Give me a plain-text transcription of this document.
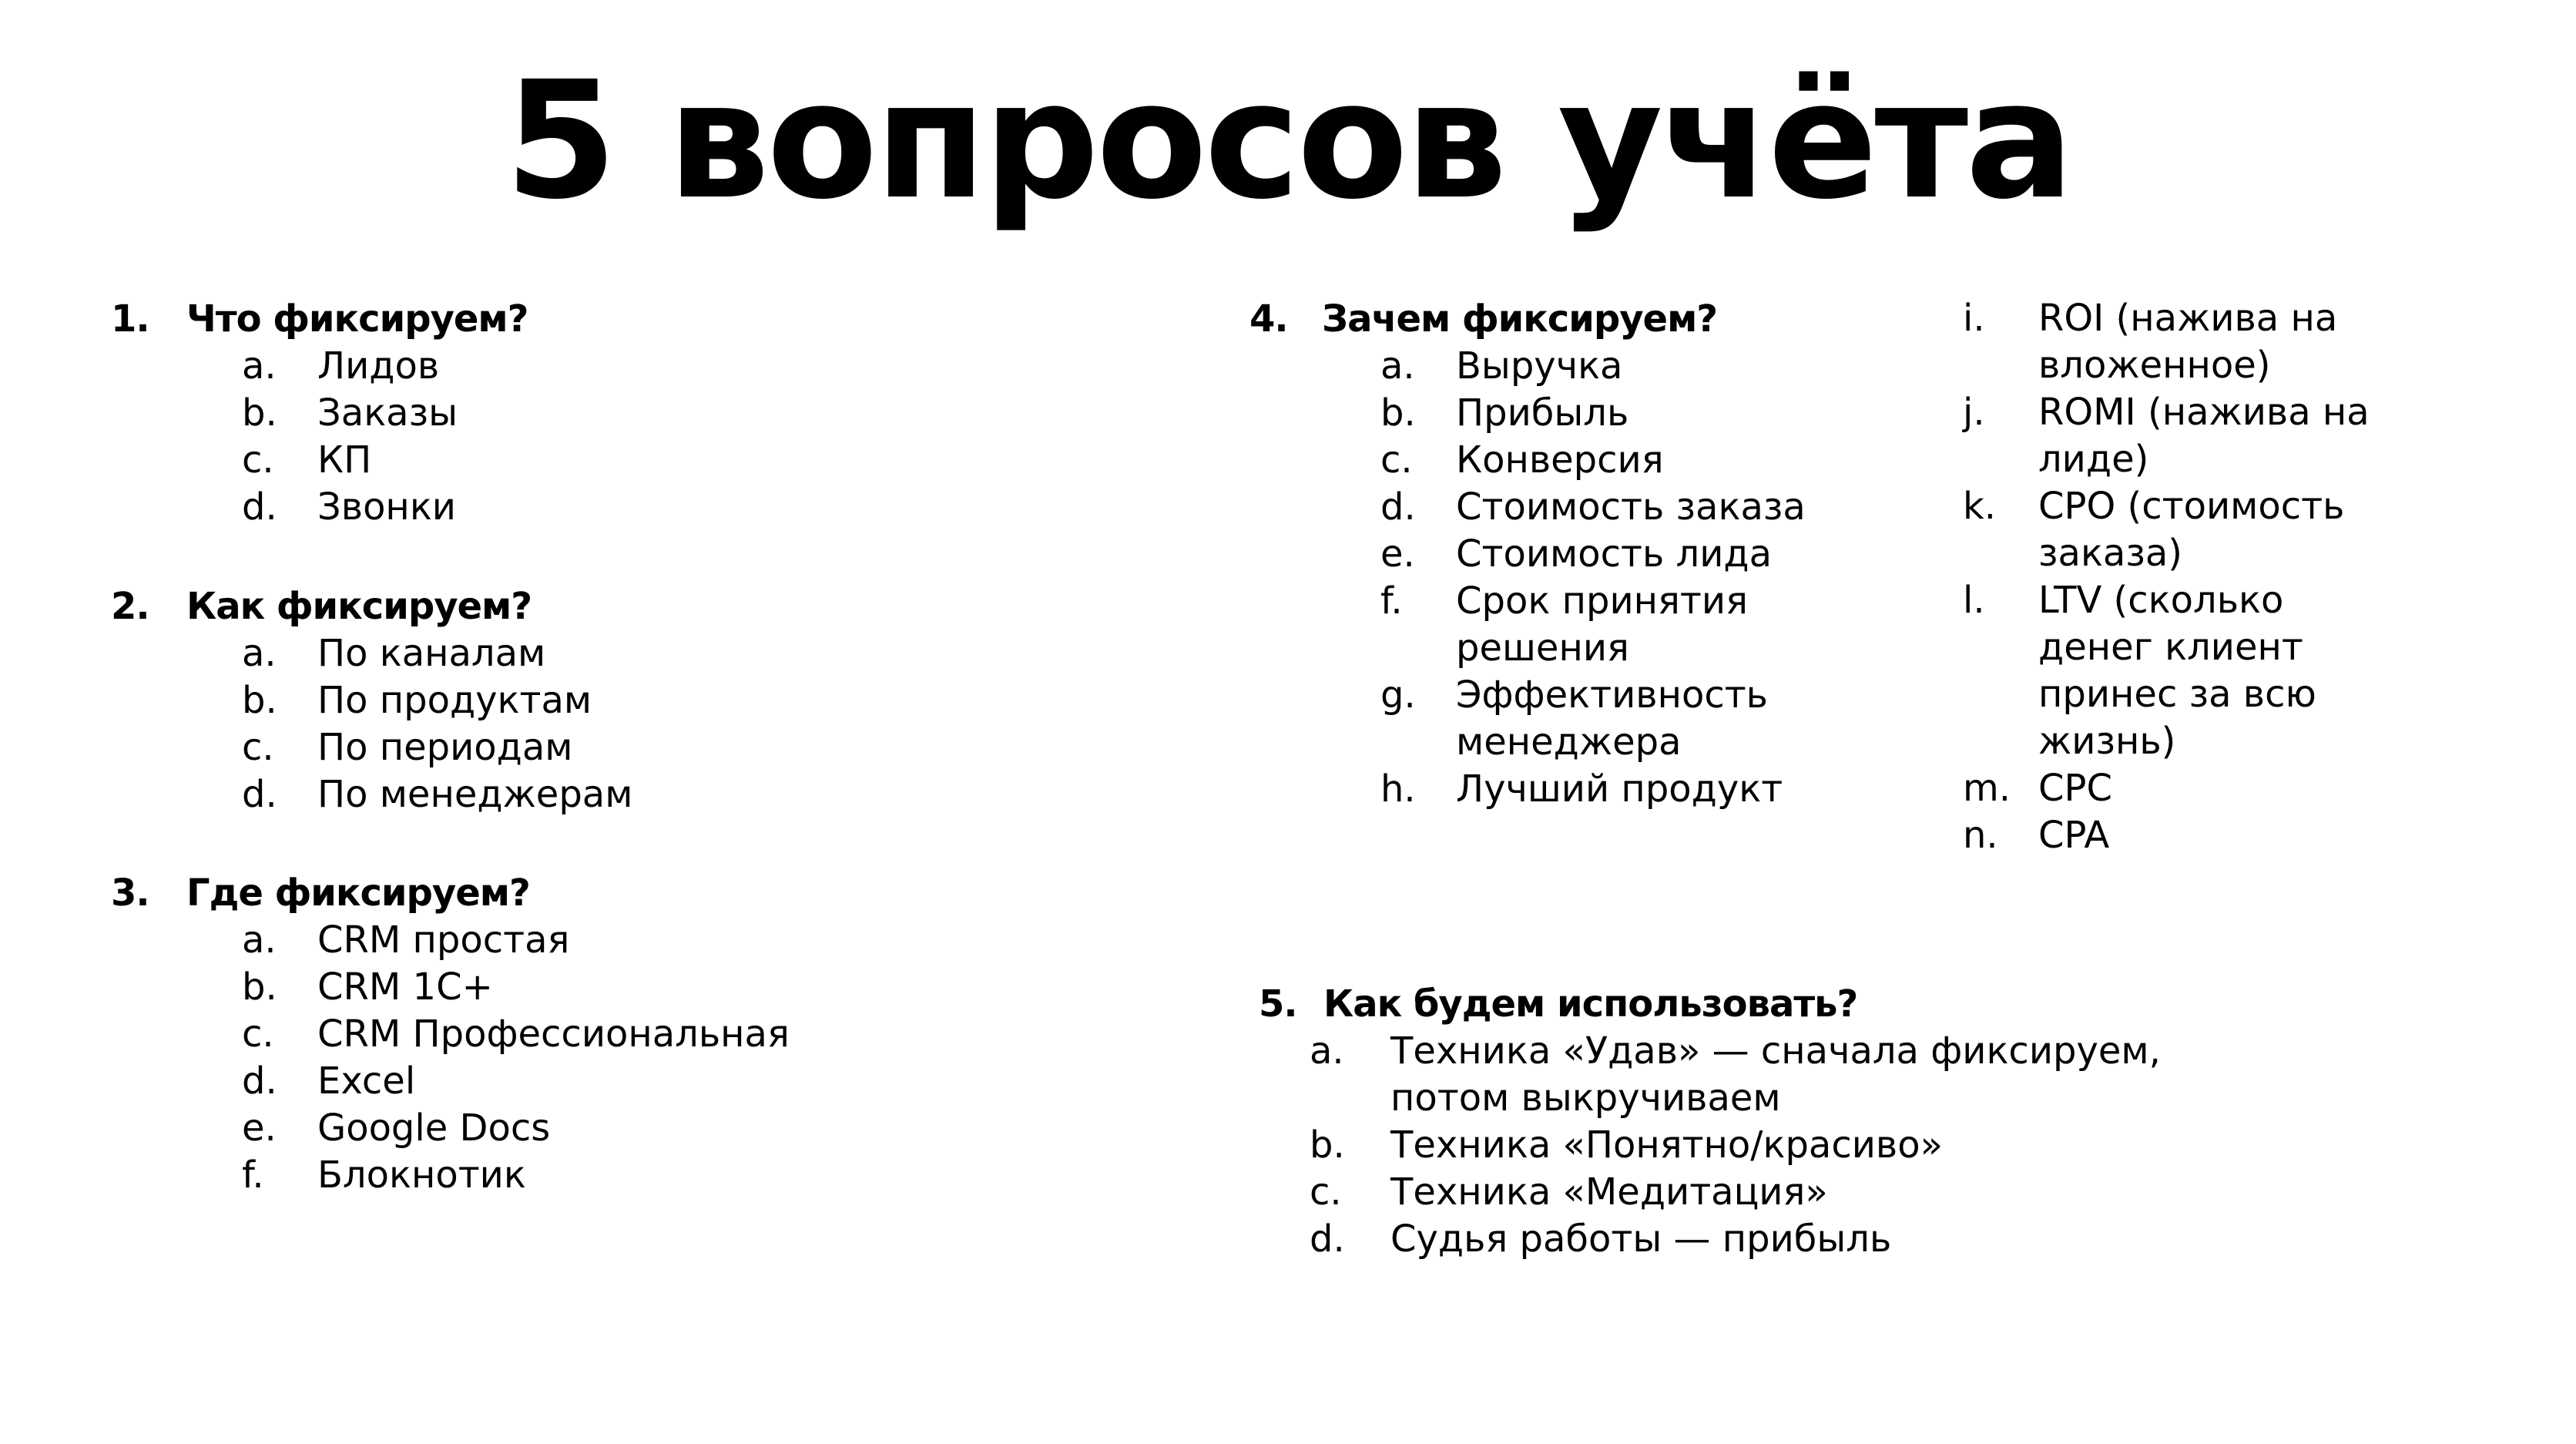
5 вопросов учёта
1. Что фиксируем?
a. Лидов
b. Заказы
c. КП
d. Звонки
2. Как фиксируем?
a. По каналам
b. По продуктам
c. По периодам
d. По менеджерам
3. Где фиксируем?
a. CRM простая
b. CRM 1C+
c. CRM Профессиональная
d. Excel
e. Google Docs
f. Блокнотик
4. Зачем фиксируем?
a. Выручка
b. Прибыль
c. Конверсия
d. Стоимость заказа
e. Стоимость лида
f. Срок принятия решения
g. Эффективность менеджера
h. Лучший продукт
i. ROI (нажива на вложенное)
j. ROMI (нажива на лиде)
k. CPO (стоимость заказа)
l. LTV (сколько денег клиент принес за всю жизнь)
m. CPC
n. CPA
5. Как будем использовать?
a. Техника «Удав» — сначала фиксируем, потом выкручиваем
b. Техника «Понятно/красиво»
c. Техника «Медитация»
d. Судья работы — прибыль
